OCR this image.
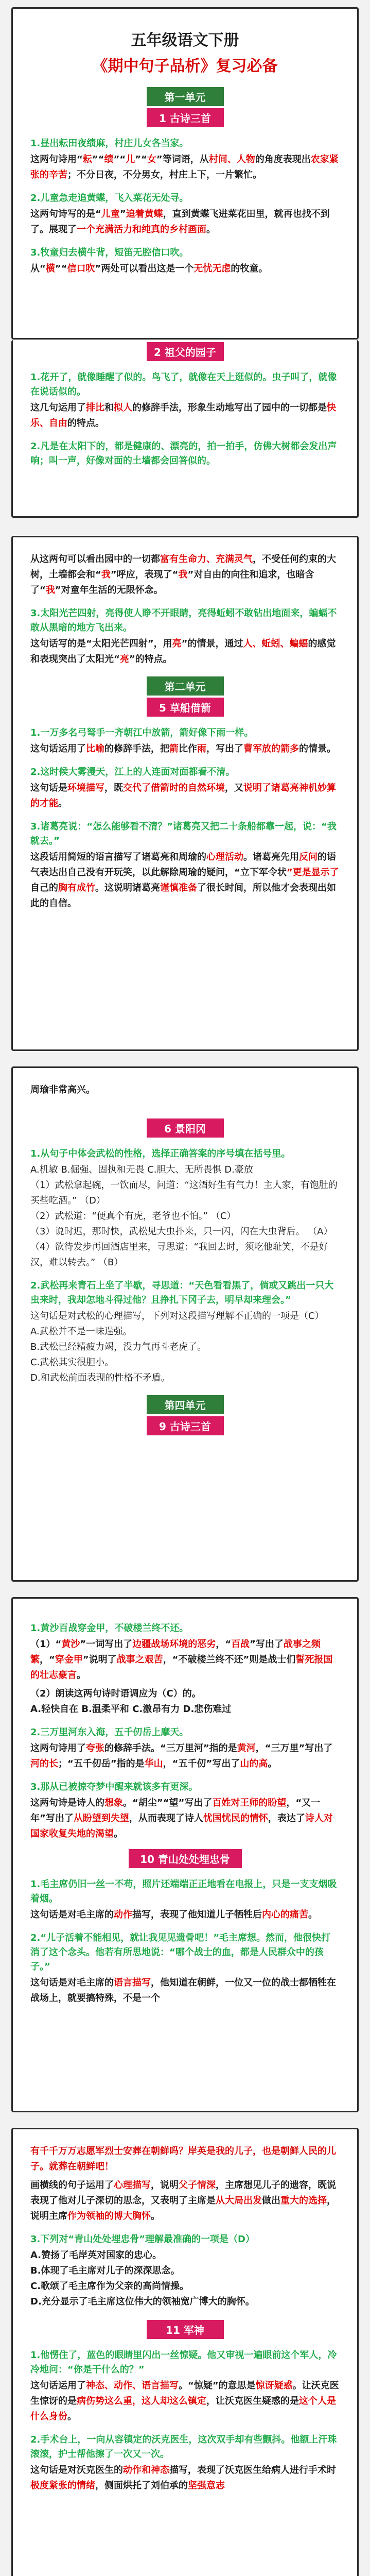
五年级语文下册
《期中句子品析》复习必备
第一单元
1 古诗三首
1.昼出耘田夜绩麻，村庄儿女各当家。
这两句诗用“耘”“绩”“儿”“女”等词语，从村间、人物的角度表现出农家紧张的辛苦；不分日夜，不分男女，村庄上下，一片繁忙。
2.儿童急走追黄蝶，飞入菜花无处寻。
这两句诗写的是“儿童”追着黄蝶，直到黄蝶飞进菜花田里，就再也找不到了。展现了一个充满活力和纯真的乡村画面。
3.牧童归去横牛背，短笛无腔信口吹。
从“横”“信口吹”两处可以看出这是一个无忧无虑的牧童。
2 祖父的园子
1.花开了，就像睡醒了似的。鸟飞了，就像在天上逛似的。虫子叫了，就像在说话似的。
这几句运用了排比和拟人的修辞手法，形象生动地写出了园中的一切都是快乐、自由的特点。
2.凡是在太阳下的，都是健康的、漂亮的，拍一拍手，仿佛大树都会发出声响；叫一声，好像对面的土墙都会回答似的。
从这两句可以看出园中的一切都富有生命力、充满灵气，不受任何约束的大树，土墙都会和“我”呼应，表现了“我”对自由的向往和追求，也暗含了“我”对童年生活的无限怀念。
3.太阳光芒四射，亮得使人睁不开眼睛，亮得蚯蚓不敢钻出地面来，蝙蝠不敢从黑暗的地方飞出来。
这句话写的是“太阳光芒四射”，用亮”的情景，通过人、蚯蚓、蝙蝠的感觉和表现突出了太阳光“亮”的特点。
第二单元
5 草船借箭
1.一万多名弓弩手一齐朝江中放箭，箭好像下雨一样。
这句话运用了比喻的修辞手法，把箭比作雨，写出了曹军放的箭多的情景。
2.这时候大雾漫天，江上的人连面对面都看不清。
这句话是环境描写，既交代了借箭时的自然环境，又说明了诸葛亮神机妙算的才能。
3.诸葛亮说：“怎么能够看不清？”诸葛亮又把二十条船都靠一起，说：“我就去。”
这段话用简短的语言描写了诸葛亮和周瑜的心理活动。诸葛亮先用反问的语气表达出自己没有开玩笑，以此解除周瑜的疑问，“立下军令状”更是显示了自己的胸有成竹。这说明诸葛亮谨慎准备了很长时间，所以他才会表现出如此的自信。
周瑜非常高兴。
6 景阳冈
1.从句子中体会武松的性格，选择正确答案的序号填在括号里。
A.机敏 B.倔强、固执和无畏 C.胆大、无所畏惧 D.豪放
（1）武松拿起碗，一饮而尽，问道：“这酒好生有气力！主人家，有饱肚的买些吃酒。” （D）
（2）武松道：“便真个有虎，老爷也不怕。” （C）
（3）说时迟，那时快，武松见大虫扑来，只一闪，闪在大虫背后。 （A）
（4）欲待发步再回酒店里来，寻思道：“我回去时，须吃他耻笑，不是好汉，难以转去。” （B）
2.武松再来青石上坐了半歇，寻思道：“天色看看黑了，倘或又跳出一只大虫来时，我却怎地斗得过他？且挣扎下冈子去，明早却来理会。”
这句话是对武松的心理描写，下列对这段描写理解不正确的一项是（C）
A.武松并不是一味逞强。
B.武松已经精疲力竭，没力气再斗老虎了。
C.武松其实很胆小。
D.和武松前面表现的性格不矛盾。
第四单元
9 古诗三首
1.黄沙百战穿金甲，不破楼兰终不还。
（1）“黄沙”一词写出了边疆战场环境的恶劣，“百战”写出了战事之频繁，“穿金甲”说明了战事之艰苦，“不破楼兰终不还”则是战士们誓死报国的壮志豪言。
（2）朗读这两句诗时语调应为（C）的。
A.轻快自在 B.温柔平和 C.激昂有力 D.悲伤难过
2.三万里河东入海，五千仞岳上摩天。
这两句诗用了夸张的修辞手法。“三万里河”指的是黄河，“三万里”写出了河的长；“五千仞岳”指的是华山，“五千仞”写出了山的高。
3.那从已被掠夺梦中醒来就该多有更深。
这两句诗是诗人的想象。“胡尘”“望”写出了百姓对王师的盼望，“又一年”写出了从盼望到失望，从而表现了诗人忧国忧民的情怀，表达了诗人对国家收复失地的渴望。
10 青山处处埋忠骨
1.毛主席仍旧一丝一不苟，照片还端端正正地看在电报上，只是一支支烟吸着烟。
这句话是对毛主席的动作描写，表现了他知道儿子牺牲后内心的痛苦。
2.“儿子活着不能相见，就让我见见遗骨吧！”毛主席想。然而，他很快打消了这个念头。他若有所思地说：“哪个战士的血，都是人民群众中的孩子。”
这句话是对毛主席的语言描写，他知道在朝鲜，一位又一位的战士都牺牲在战场上，就要搞特殊，不是一个
有千千万万志愿军烈士安葬在朝鲜吗？岸英是我的儿子，也是朝鲜人民的儿子。就葬在朝鲜吧！
画横线的句子运用了心理描写，说明父子情深，主席想见儿子的遗容，既说表现了他对儿子深切的思念，又表明了主席是从大局出发做出重大的选择，说明主席作为领袖的博大胸怀。
3.下列对“青山处处埋忠骨”理解最准确的一项是（D）
A.赞扬了毛岸英对国家的忠心。
B.体现了毛主席对儿子的深深思念。
C.歌颂了毛主席作为父亲的高尚情操。
D.充分显示了毛主席这位伟大的领袖宽广博大的胸怀。
11 军神
1.他愣住了，蓝色的眼睛里闪出一丝惊疑。他又审视一遍眼前这个军人，冷冷地问：“你是干什么的？”
这句话运用了神态、动作、语言描写。“惊疑”的意思是惊讶疑惑。让沃克医生惊讶的是病伤势这么重，这人却这么镇定，让沃克医生疑惑的是这个人是什么身份。
2.手术台上，一向从容镇定的沃克医生，这次双手却有些颤抖。他额上汗珠滚滚，护士帮他擦了一次又一次。
这句话是对沃克医生的动作和神态描写，表现了沃克医生给病人进行手术时极度紧张的情绪，侧面烘托了刘伯承的坚强意志
